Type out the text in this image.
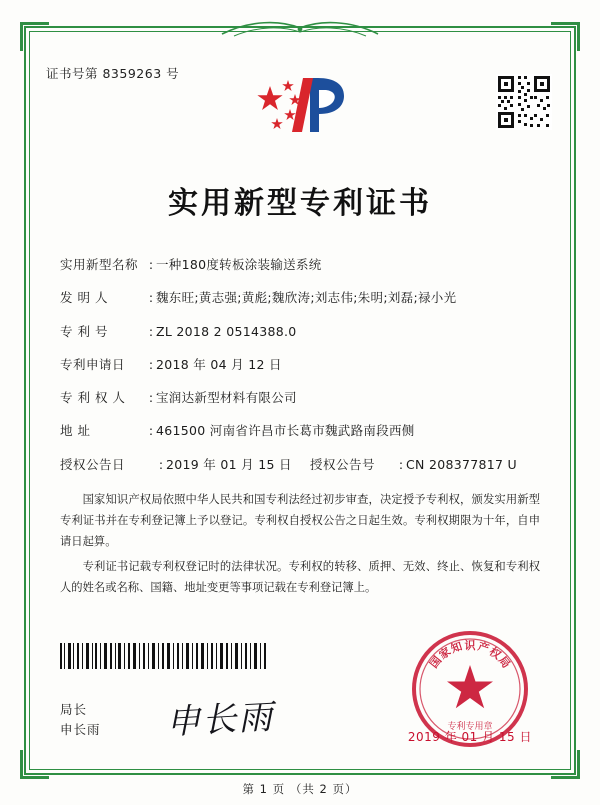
证书号第 8359263 号
实用新型专利证书
实用新型名称 : 一种180度转板涂装输送系统
发 明 人	: 魏东旺;黄志强;黄彪;魏欣涛;刘志伟;朱明;刘磊;禄小光
专 利 号	: ZL 2018 2 0514388.0
专利申请日	: 2018 年 04 月 12 日
专 利 权 人	: 宝润达新型材料有限公司
地 址	: 461500 河南省许昌市长葛市魏武路南段西侧
授权公告日	: 2019 年 01 月 15 日	授权公告号	: CN 208377817 U

国家知识产权局依照中华人民共和国专利法经过初步审查，决定授予专利权，颁发实用新型专利证书并在专利登记簿上予以登记。专利权自授权公告之日起生效。专利权期限为十年，自申请日起算。

专利证书记载专利权登记时的法律状况。专利权的转移、质押、无效、终止、恢复和专利权人的姓名或名称、国籍、地址变更等事项记载在专利登记簿上。

局长
申长雨 申长雨
国
家
知 识 产
权
局
专利专用章
2019 年 01 月 15 日
第 1 页 （共 2 页）
